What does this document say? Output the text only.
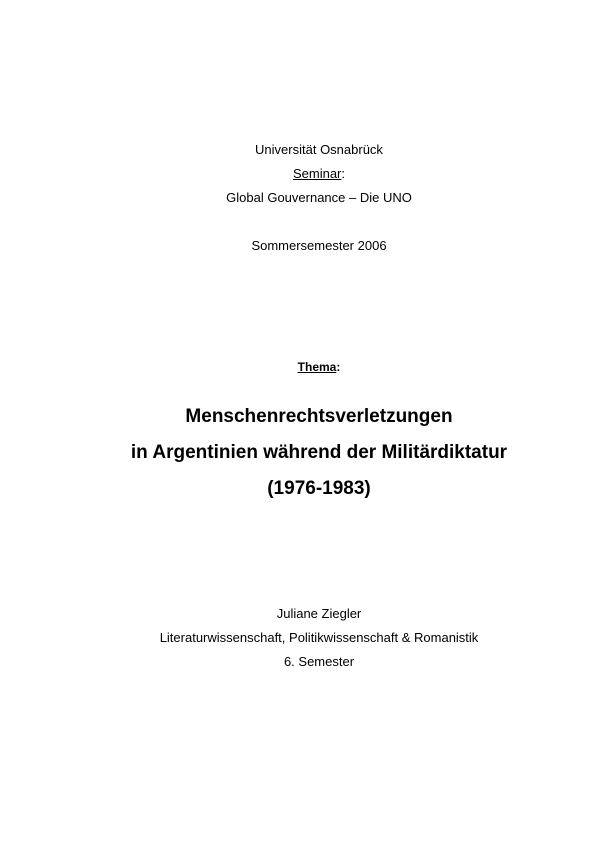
Universität Osnabrück
Seminar:
Global Gouvernance – Die UNO
Sommersemester 2006
Thema:
Menschenrechtsverletzungen
in Argentinien während der Militärdiktatur
(1976-1983)
Juliane Ziegler
Literaturwissenschaft, Politikwissenschaft & Romanistik
6. Semester
